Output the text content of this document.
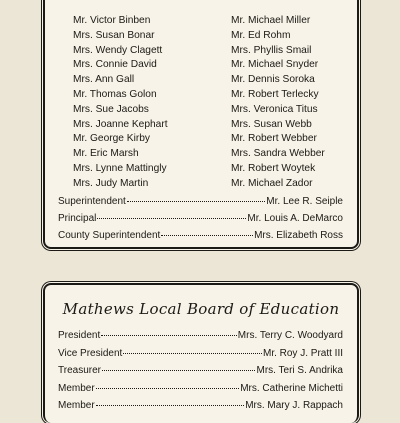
Mr. Victor Binben
Mrs. Susan Bonar
Mrs. Wendy Clagett
Mrs. Connie David
Mrs. Ann Gall
Mr. Thomas Golon
Mrs. Sue Jacobs
Mrs. Joanne Kephart
Mr. George Kirby
Mr. Eric Marsh
Mrs. Lynne Mattingly
Mrs. Judy Martin
Mr. Michael Miller
Mr. Ed Rohm
Mrs. Phyllis Smail
Mr. Michael Snyder
Mr. Dennis Soroka
Mr. Robert Terlecky
Mrs. Veronica Titus
Mrs. Susan Webb
Mr. Robert Webber
Mrs. Sandra Webber
Mr. Robert Woytek
Mr. Michael Zador
Superintendent	Mr. Lee R. Seiple
Principal	Mr. Louis A. DeMarco
County Superintendent	Mrs. Elizabeth Ross
Mathews Local Board of Education
President	Mrs. Terry C. Woodyard
Vice President	Mr. Roy J. Pratt III
Treasurer	Mrs. Teri S. Andrika
Member	Mrs. Catherine Michetti
Member	Mrs. Mary J. Rappach
